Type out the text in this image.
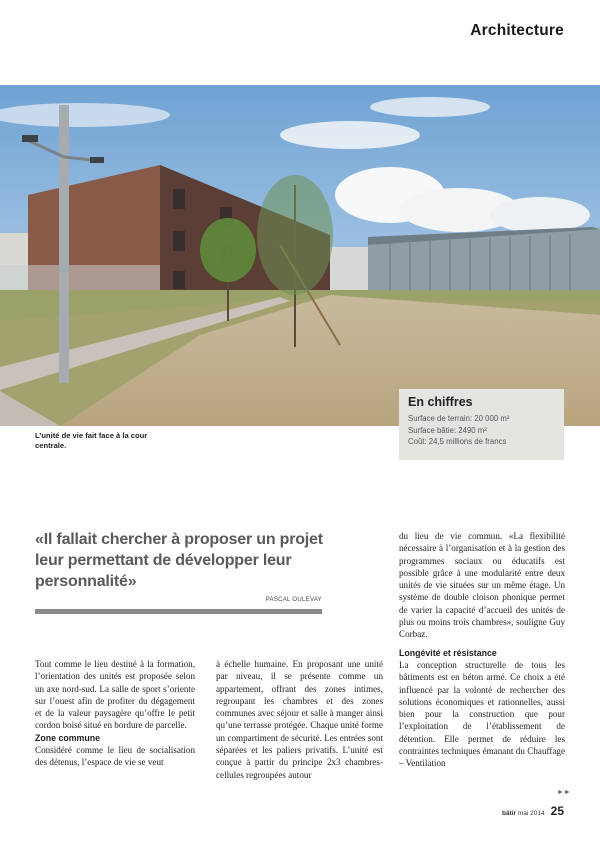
Architecture
L’unité de vie fait face à la cour centrale.
En chiffres
Surface de terrain: 20 000 m²
Surface bâtie: 2490 m²
Coût: 24,5 millions de francs
«Il fallait chercher à proposer un projet leur permettant de développer leur personnalité»
PASCAL OULEVAY

Tout comme le lieu destiné à la formation, l’orientation des unités est proposée selon un axe nord-sud. La salle de sport s’oriente sur l’ouest afin de profiter du dégagement et de la valeur paysagère qu’offre le petit cordon boisé situé en bordure de parcelle.

Zone commune

Considéré comme le lieu de socialisation des détenus, l’espace de vie se veut

à échelle humaine. En proposant une unité par niveau, il se présente comme un appartement, offrant des zones intimes, regroupant les chambres et des zones communes avec séjour et salle à manger ainsi qu’une terrasse protégée. Chaque unité forme un compartiment de sécurité. Les entrées sont séparées et les paliers privatifs. L’unité est conçue à partir du principe 2x3 chambres-cellules regroupées autour

du lieu de vie commun. «La flexibilité nécessaire à l’organisation et à la gestion des programmes sociaux ou éducatifs est possible grâce à une modularité entre deux unités de vie situées sur un même étage. Un système de double cloison phonique permet de varier la capacité d’accueil des unités de plus ou moins trois chambres», souligne Guy Corbaz.

Longévité et résistance

La conception structurelle de tous les bâtiments est en béton armé. Ce choix a été influencé par la volonté de rechercher des solutions économiques et rationnelles, aussi bien pour la construction que pour l’exploitation de l’établissement de détention. Elle permet de réduire les contraintes techniques émanant du Chauffage – Ventilation

►►
bâtir mai 2014 25
